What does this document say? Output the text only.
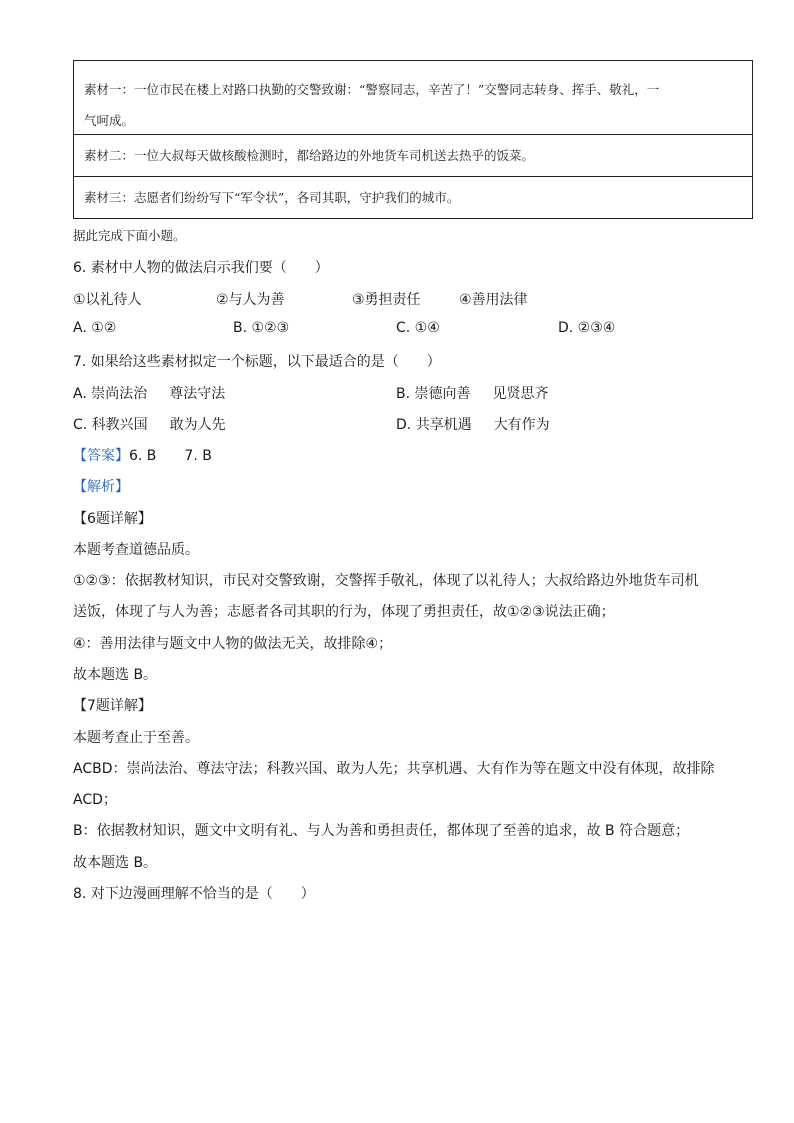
素材一：一位市民在楼上对路口执勤的交警致谢：“警察同志，辛苦了！”交警同志转身、挥手、敬礼，一
气呵成。
素材二：一位大叔每天做核酸检测时，都给路边的外地货车司机送去热乎的饭菜。
素材三：志愿者们纷纷写下“军令状”，各司其职，守护我们的城市。
据此完成下面小题。
6. 素材中人物的做法启示我们要（　　）
①以礼待人	②与人为善	③勇担责任	④善用法律
A. ①②	B. ①②③	C. ①④	D. ②③④
7. 如果给这些素材拟定一个标题，以下最适合的是（　　）
A. 崇尚法治 尊法守法	B. 崇德向善 见贤思齐
C. 科教兴国 敢为人先	D. 共享机遇 大有作为
【答案】6. B　　7. B
【解析】
【6题详解】
本题考查道德品质。
①②③：依据教材知识，市民对交警致谢，交警挥手敬礼，体现了以礼待人；大叔给路边外地货车司机
送饭，体现了与人为善；志愿者各司其职的行为，体现了勇担责任，故①②③说法正确；
④：善用法律与题文中人物的做法无关，故排除④；
故本题选 B。
【7题详解】
本题考查止于至善。
ACBD：崇尚法治、尊法守法；科教兴国、敢为人先；共享机遇、大有作为等在题文中没有体现，故排除
ACD；
B：依据教材知识，题文中文明有礼、与人为善和勇担责任，都体现了至善的追求，故 B 符合题意；
故本题选 B。
8. 对下边漫画理解不恰当的是（　　）
